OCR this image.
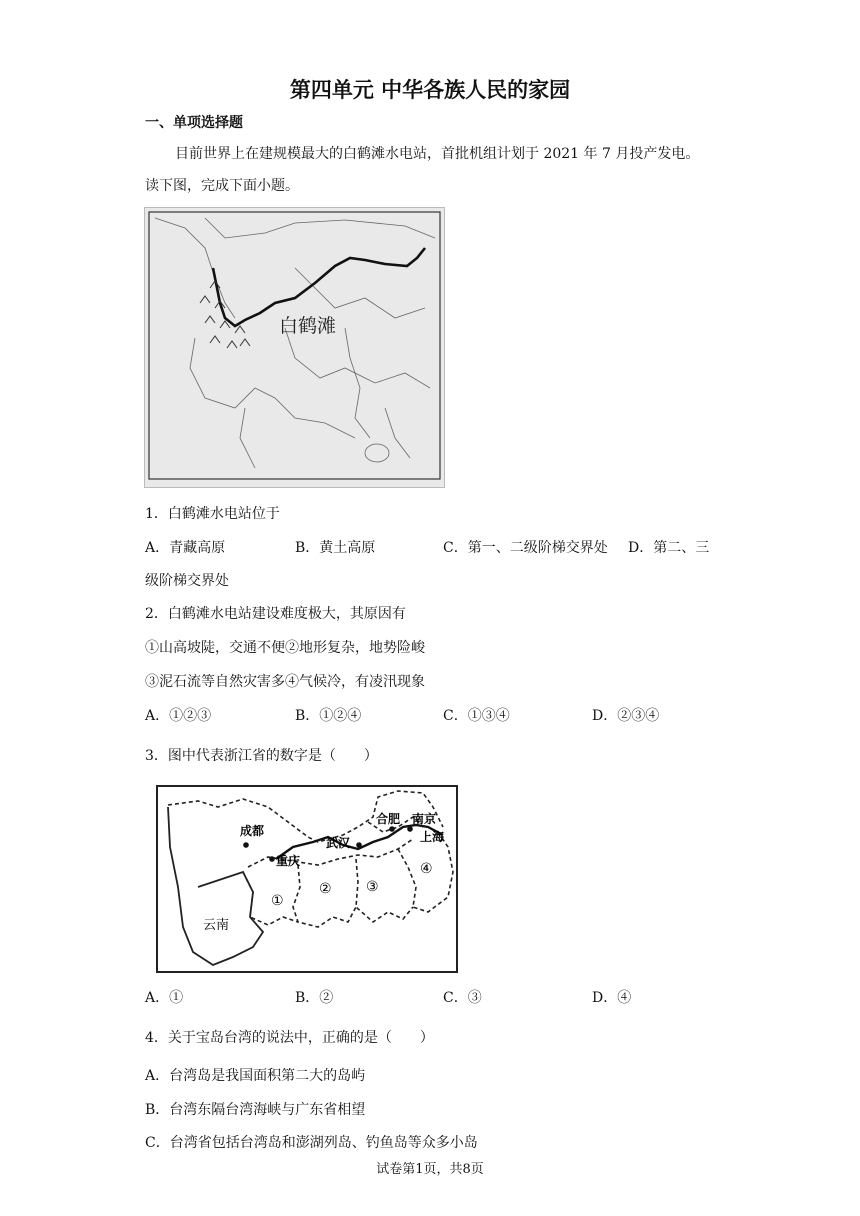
第四单元 中华各族人民的家园
一、单项选择题
目前世界上在建规模最大的白鹤滩水电站，首批机组计划于 2021 年 7 月投产发电。
读下图，完成下面小题。
白鹤滩
1．白鹤滩水电站位于
A．青藏高原	B．黄土高原	C．第一、二级阶梯交界处 D．第二、三
级阶梯交界处
2．白鹤滩水电站建设难度极大，其原因有
①山高坡陡，交通不便②地形复杂，地势险峻
③泥石流等自然灾害多④气候冷，有凌汛现象
A．①②③	B．①②④	C．①③④	D．②③④
3．图中代表浙江省的数字是（　　）
成都
重庆
武汉
合肥 南京
上海
云南
①
② ③
④
A．①	B．②	C．③	D．④
4．关于宝岛台湾的说法中，正确的是（　　）
A．台湾岛是我国面积第二大的岛屿
B．台湾东隔台湾海峡与广东省相望
C．台湾省包括台湾岛和澎湖列岛、钓鱼岛等众多小岛
试卷第1页，共8页
